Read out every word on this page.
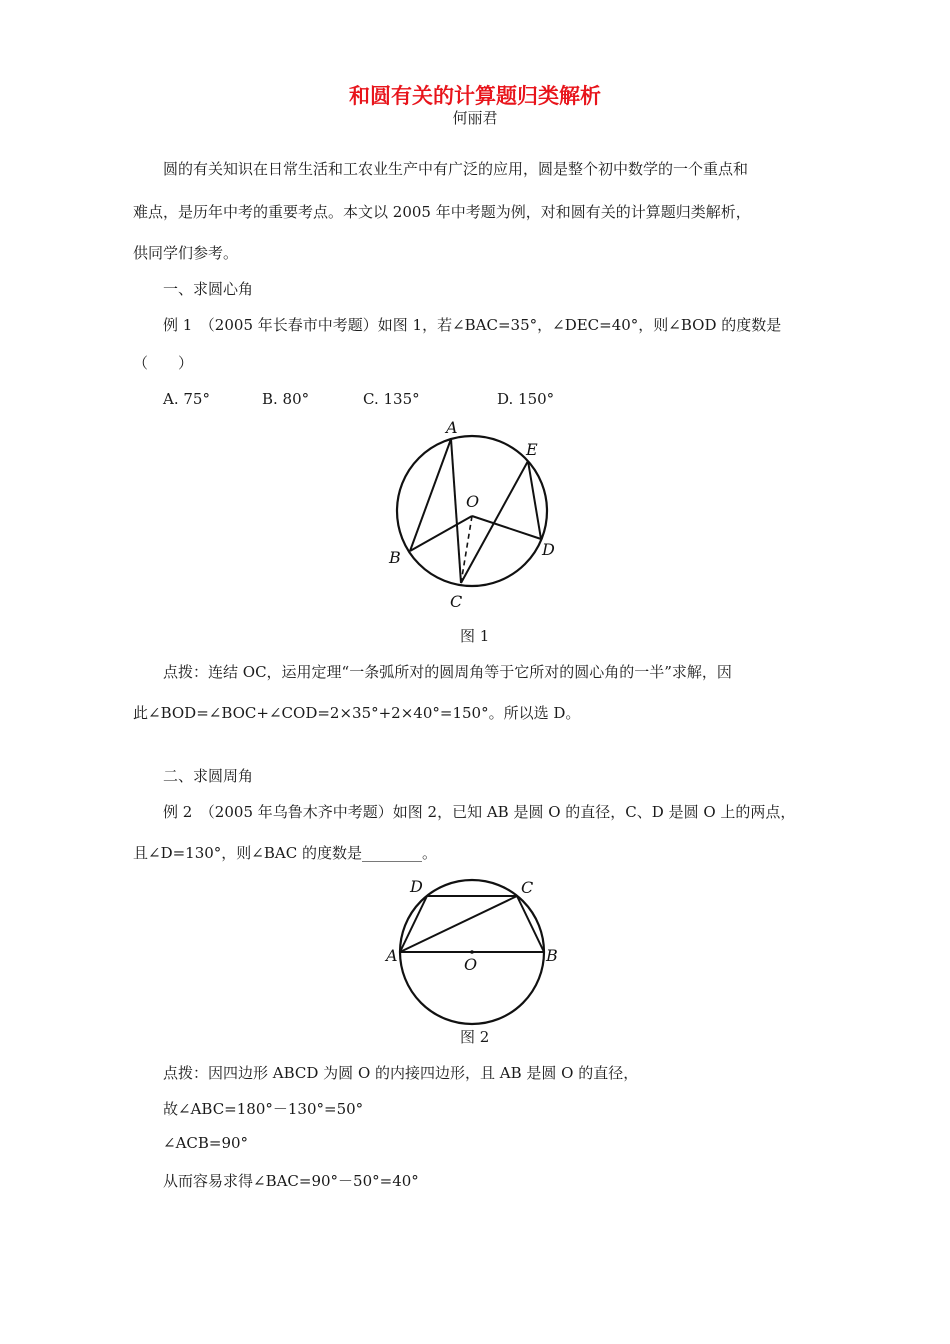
和圆有关的计算题归类解析
何丽君
圆的有关知识在日常生活和工农业生产中有广泛的应用，圆是整个初中数学的一个重点和
难点，是历年中考的重要考点。本文以 2005 年中考题为例，对和圆有关的计算题归类解析，
供同学们参考。
一、求圆心角
例 1　（2005 年长春市中考题）如图 1，若∠BAC=35°，∠DEC=40°，则∠BOD 的度数是
（　　）
A. 75°	B. 80°	C. 135°	D. 150°
A
E
O
B	D
C
图 1
点拨：连结 OC，运用定理“一条弧所对的圆周角等于它所对的圆心角的一半”求解，因
此∠BOD=∠BOC+∠COD=2×35°+2×40°=150°。所以选 D。
二、求圆周角
例 2　（2005 年乌鲁木齐中考题）如图 2，已知 AB 是圆 O 的直径，C、D 是圆 O 上的两点，
且∠D=130°，则∠BAC 的度数是________。
D	C
A	O	B
图 2
点拨：因四边形 ABCD 为圆 O 的内接四边形，且 AB 是圆 O 的直径，
故∠ABC=180°－130°=50°
∠ACB=90°
从而容易求得∠BAC=90°－50°=40°
